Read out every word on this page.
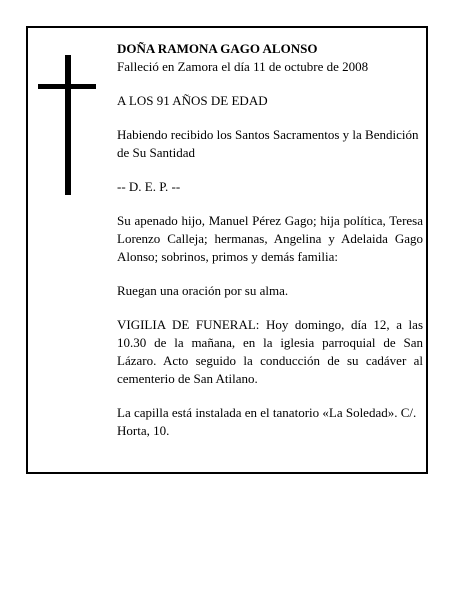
DOÑA RAMONA GAGO ALONSO
Falleció en Zamora el día 11 de octubre de 2008

A LOS 91 AÑOS DE EDAD

Habiendo recibido los Santos Sacramentos y la Bendición de Su Santidad

-- D. E. P. --

Su apenado hijo, Manuel Pérez Gago; hija política, Teresa Lorenzo Calleja; hermanas, Angelina y Adelaida Gago Alonso; sobrinos, primos y demás familia:

Ruegan una oración por su alma.

VIGILIA DE FUNERAL: Hoy domingo, día 12, a las 10.30 de la mañana, en la iglesia parroquial de San Lázaro. Acto seguido la conducción de su cadáver al cementerio de San Atilano.

La capilla está instalada en el tanatorio «La Soledad». C/. Horta, 10.
